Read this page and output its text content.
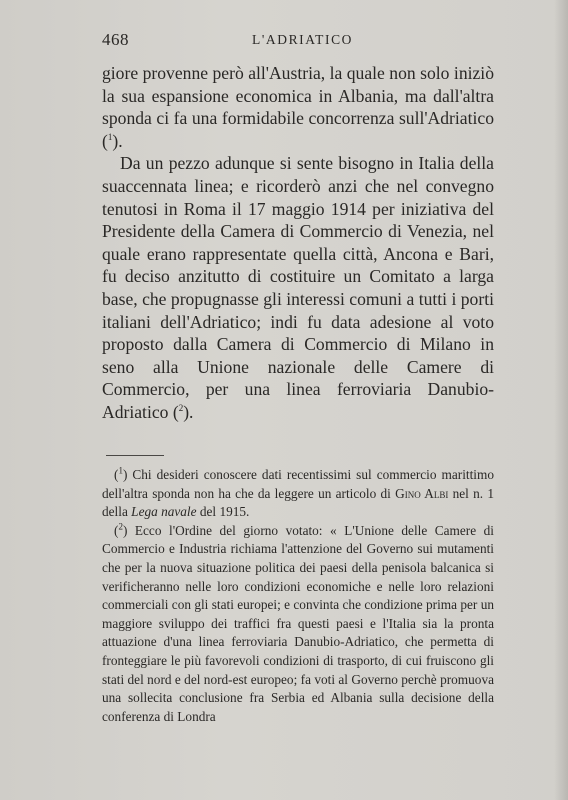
468	L'ADRIATICO

giore provenne però all'Austria, la quale non solo iniziò la sua espansione economica in Albania, ma dall'altra sponda ci fa una formidabile concorrenza sull'Adriatico ($^1$).

Da un pezzo adunque si sente bisogno in Italia della suaccennata linea; e ricorderò anzi che nel convegno tenutosi in Roma il 17 maggio 1914 per iniziativa del Presidente della Camera di Commercio di Venezia, nel quale erano rappresentate quella città, Ancona e Bari, fu deciso anzitutto di costituire un Comitato a larga base, che propugnasse gli interessi comuni a tutti i porti italiani dell'Adriatico; indi fu data adesione al voto proposto dalla Camera di Commercio di Milano in seno alla Unione nazionale delle Camere di Commercio, per una linea ferroviaria Danubio-Adriatico ($^2$).

($^1$) Chi desideri conoscere dati recentissimi sul commercio marittimo dell'altra sponda non ha che da leggere un articolo di Gino Albi nel n. 1 della Lega navale del 1915.

($^2$) Ecco l'Ordine del giorno votato: « L'Unione delle Camere di Commercio e Industria richiama l'attenzione del Governo sui mutamenti che per la nuova situazione politica dei paesi della penisola balcanica si verificheranno nelle loro condizioni economiche e nelle loro relazioni commerciali con gli stati europei; e convinta che condizione prima per un maggiore sviluppo dei traffici fra questi paesi e l'Italia sia la pronta attuazione d'una linea ferroviaria Danubio-Adriatico, che permetta di fronteggiare le più favorevoli condizioni di trasporto, di cui fruiscono gli stati del nord e del nord-est europeo; fa voti al Governo perchè promuova una sollecita conclusione fra Serbia ed Albania sulla decisione della conferenza di Londra
